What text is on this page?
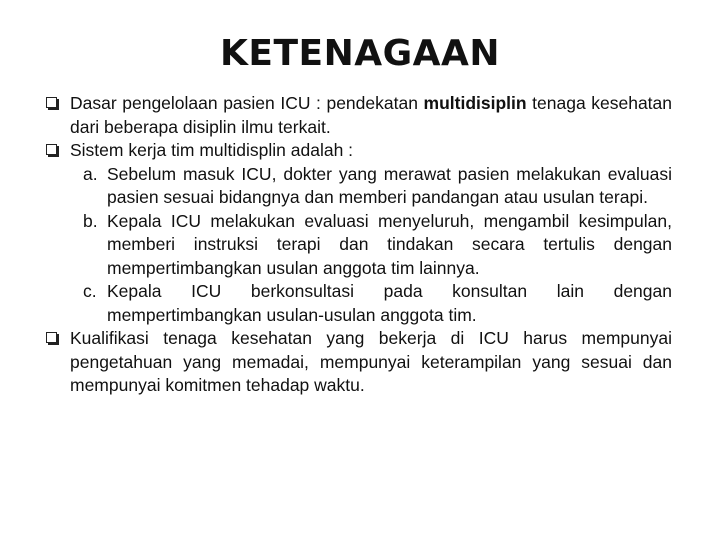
KETENAGAAN
Dasar pengelolaan pasien ICU : pendekatan multidisiplin tenaga kesehatan dari beberapa disiplin ilmu terkait.
Sistem kerja tim multidisplin adalah :
a. Sebelum masuk ICU, dokter yang merawat pasien melakukan evaluasi pasien sesuai bidangnya dan memberi pandangan atau usulan terapi.
b. Kepala ICU melakukan evaluasi menyeluruh, mengambil kesimpulan, memberi instruksi terapi dan tindakan secara tertulis dengan mempertimbangkan usulan anggota tim lainnya.
c. Kepala ICU berkonsultasi pada konsultan lain dengan mempertimbangkan usulan-usulan anggota tim.
Kualifikasi tenaga kesehatan yang bekerja di ICU harus mempunyai pengetahuan yang memadai, mempunyai keterampilan yang sesuai dan mempunyai komitmen tehadap waktu.
